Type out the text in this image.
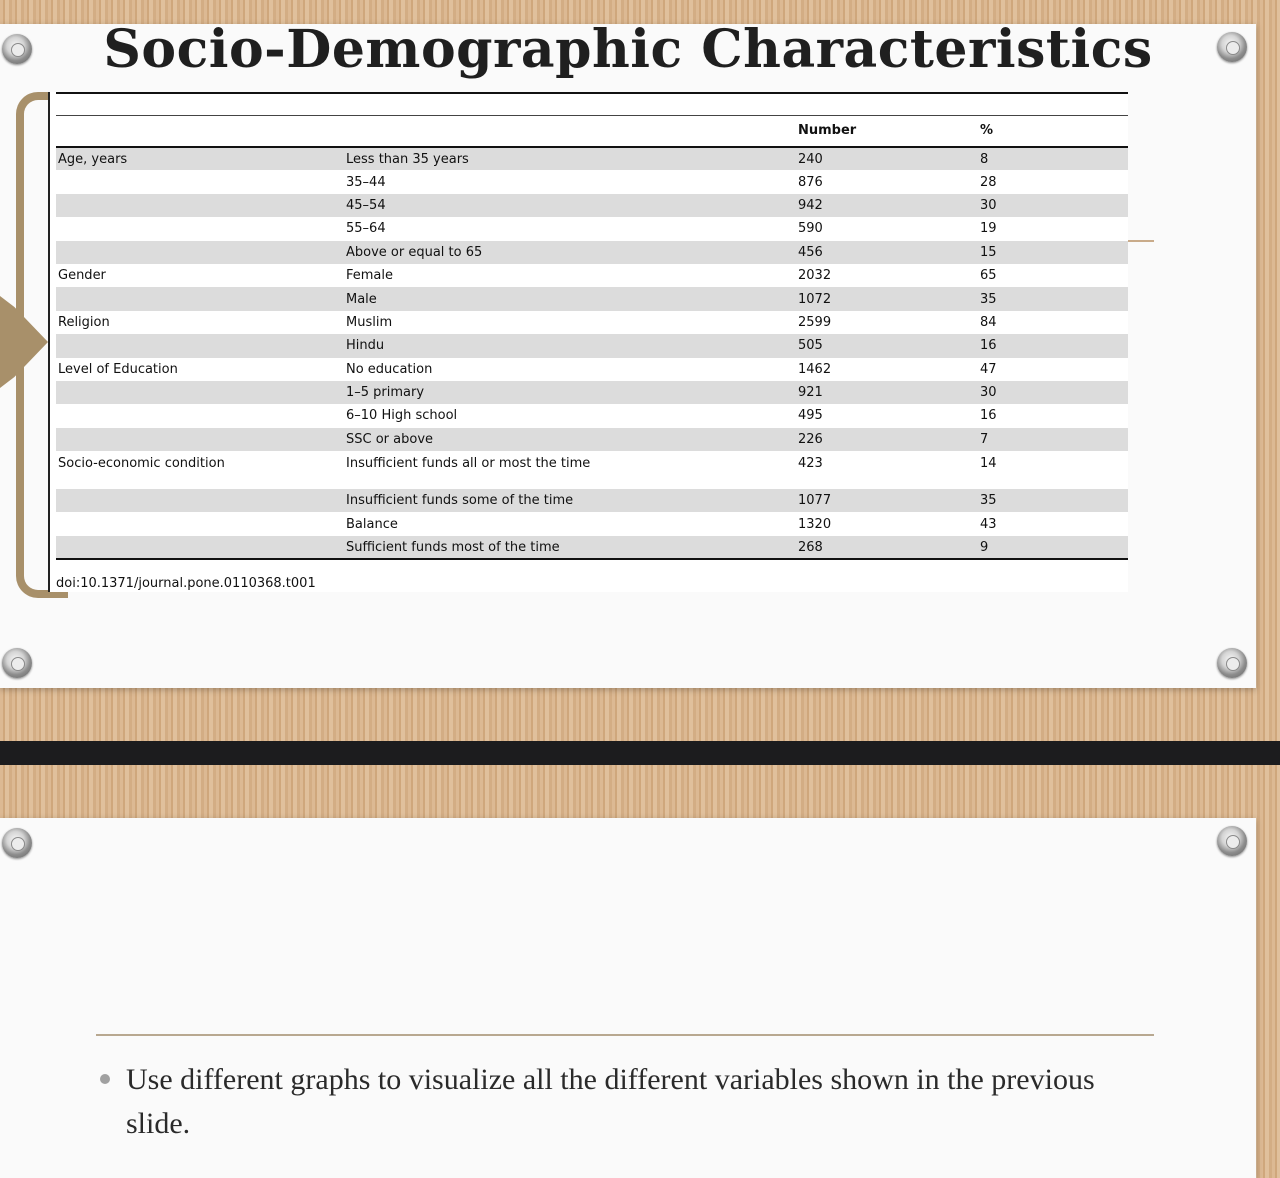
Socio-Demographic Characteristics

		Number	%
Age, years	Less than 35 years	240	8
	35–44	876	28
	45–54	942	30
	55–64	590	19
	Above or equal to 65	456	15
Gender	Female	2032	65
	Male	1072	35
Religion	Muslim	2599	84
	Hindu	505	16
Level of Education	No education	1462	47
	1–5 primary	921	30
	6–10 High school	495	16
	SSC or above	226	7
Socio-economic condition	Insufficient funds all or most the time	423	14
	Insufficient funds some of the time	1077	35
	Balance	1320	43
	Sufficient funds most of the time	268	9
doi:10.1371/journal.pone.0110368.t001

Use different graphs to visualize all the different variables shown in the previous slide.
